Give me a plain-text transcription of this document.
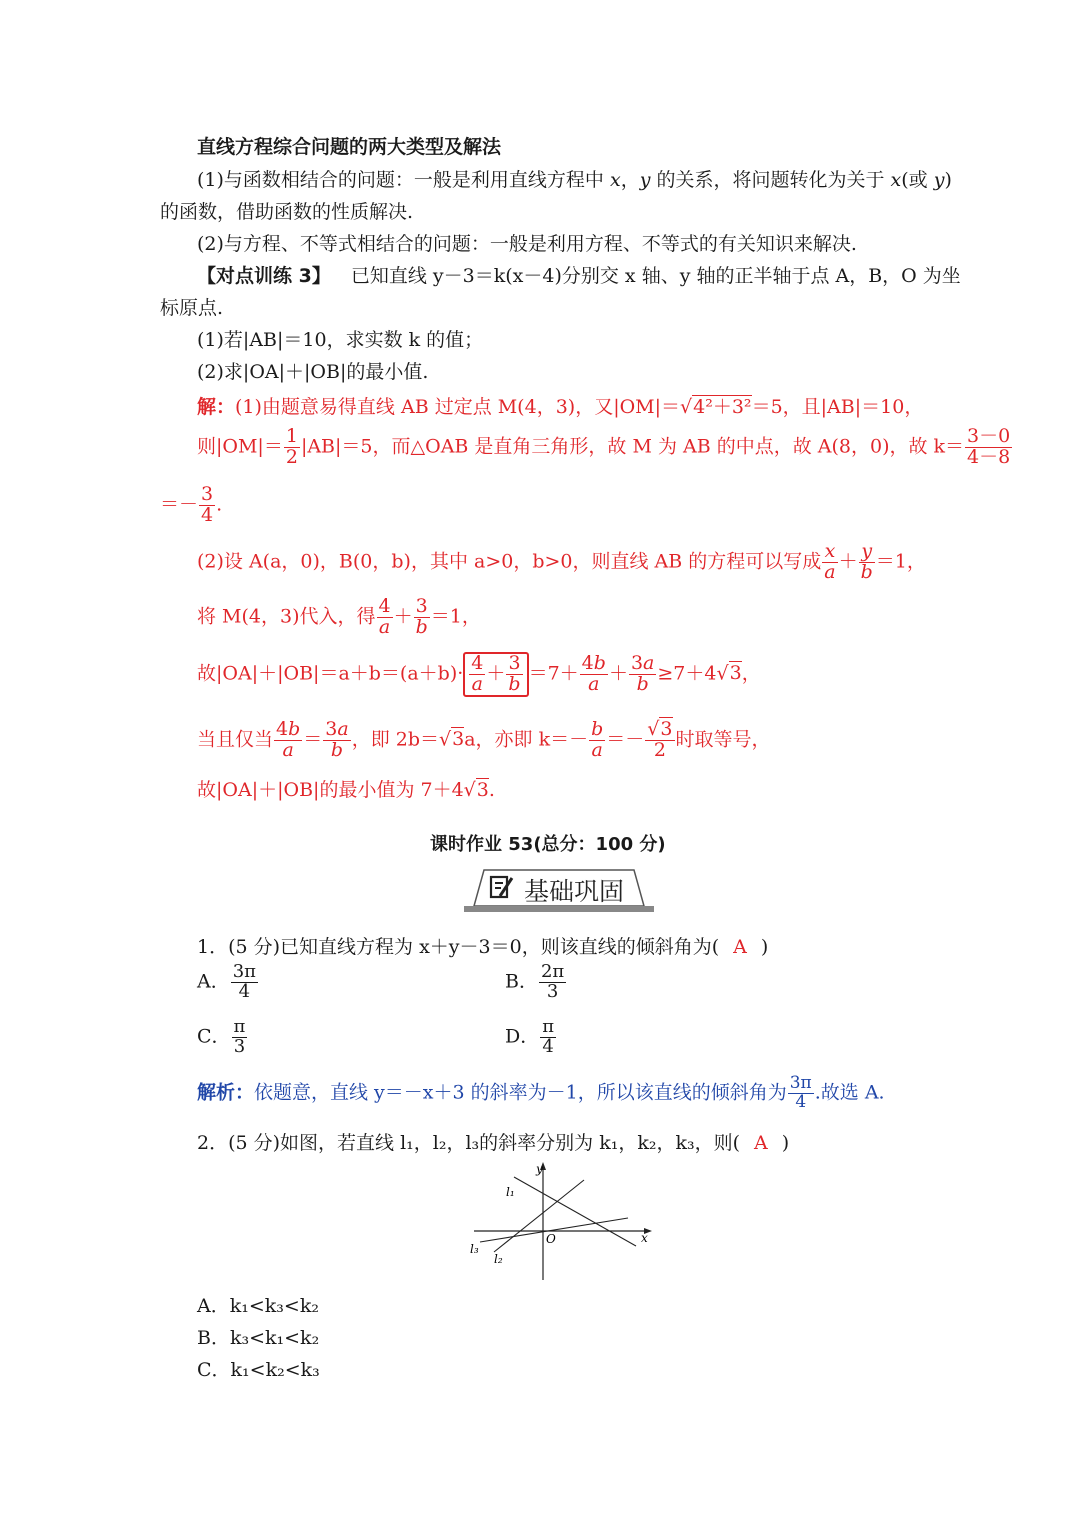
直线方程综合问题的两大类型及解法
(1)与函数相结合的问题：一般是利用直线方程中 x，y 的关系，将问题转化为关于 x(或 y)
的函数，借助函数的性质解决.
(2)与方程、不等式相结合的问题：一般是利用方程、不等式的有关知识来解决.
【对点训练 3】 已知直线 y－3＝k(x－4)分别交 x 轴、y 轴的正半轴于点 A，B，O 为坐
标原点.
(1)若|AB|＝10，求实数 k 的值；
(2)求|OA|＋|OB|的最小值.
解：(1)由题意易得直线 AB 过定点 M(4，3)，又|OM|＝√4²＋3²＝5，且|AB|＝10，
则$|OM|= \frac{1}{2} |AB|=5$，而△OAB 是直角三角形，故 M 为 AB 的中点，故 A(8，0)，故 $k= \frac{3-0}{4-8}$
＝－ $\frac{3}{4}$ .
(2)设 A(a，0)，B(0，b)，其中 a>0，b>0，则直线 AB 的方程可以写成 $\frac{x}{a} + \frac{y}{b} =1$，
将 M(4，3)代入，得 $\frac{4}{a} + \frac{3}{b} =1$，
故$|OA|+|OB|=a+b=(a+b)\cdot \frac{4}{a} + \frac{3}{b} =7+ \frac{4b}{a} + \frac{3a}{b} \ge 7+4√3$，
当且仅当 $\frac{4b}{a} = \frac{3a}{b}$ ，即 2b＝√3a，亦即 $k=- \frac{b}{a} =- \frac{√3}{2}$ 时取等号，
故|OA|＋|OB|的最小值为 7＋4√3.
课时作业 53(总分：100 分)
基础巩固
1．(5 分)已知直线方程为 x＋y－3＝0，则该直线的倾斜角为( A )
A． $\frac{3\pi}{4}$	B． $\frac{2\pi}{3}$
C． $\frac{\pi}{3}$	D． $\frac{\pi}{4}$
解析：依题意，直线 y＝－x＋3 的斜率为－1，所以该直线的倾斜角为 $\frac{3\pi}{4}$ .故选 A.
2．(5 分)如图，若直线 l₁，l₂，l₃的斜率分别为 k₁，k₂，k₃，则( A )
y
x
O
l₁
l₂
l₃
A．k₁<k₃<k₂
B．k₃<k₁<k₂
C．k₁<k₂<k₃
